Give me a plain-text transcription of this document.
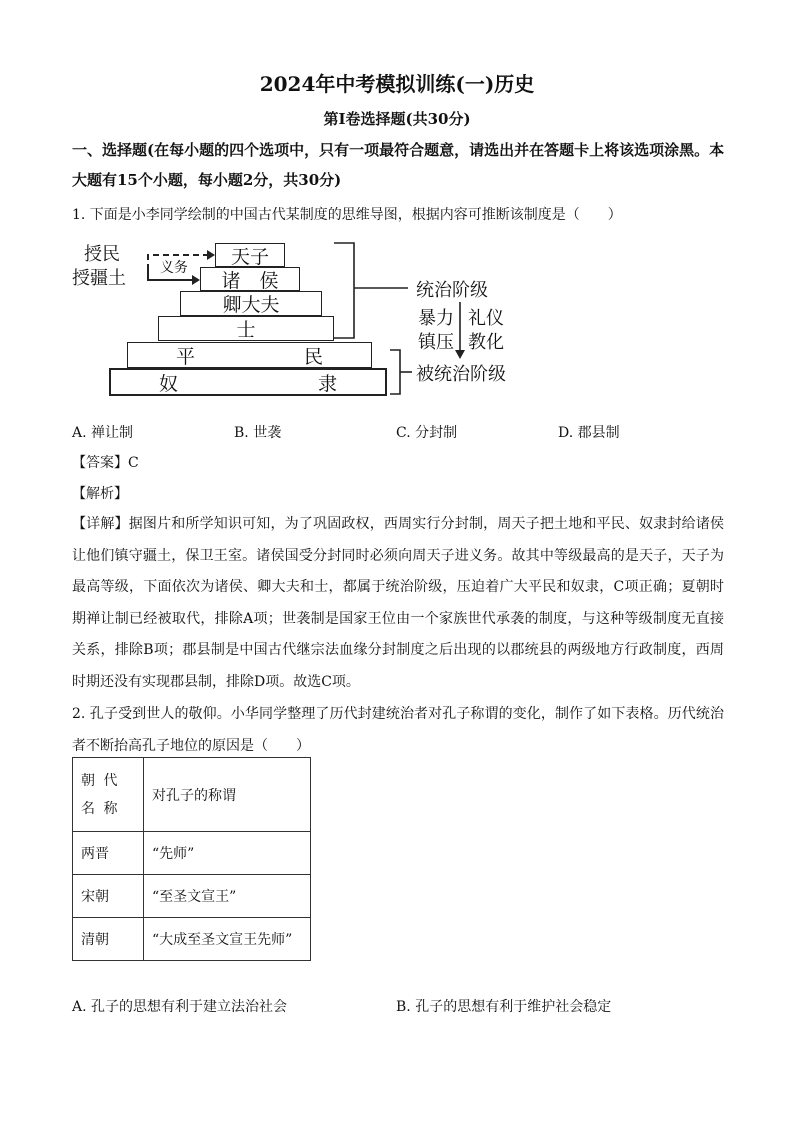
2024年中考模拟训练(一)历史
第Ⅰ卷选择题(共30分)
一、选择题(在每小题的四个选项中，只有一项最符合题意，请选出并在答题卡上将该选项涂黑。本大题有15个小题，每小题2分，共30分)
1. 下面是小李同学绘制的中国古代某制度的思维导图，根据内容可推断该制度是（　　）
授民
授疆土 义务
天子
诸　侯
卿大夫
士
平	民
奴	隶
统治阶级
暴力
镇压
礼仪
教化
被统治阶级
A. 禅让制	B. 世袭	C. 分封制	D. 郡县制
【答案】C
【解析】
【详解】据图片和所学知识可知，为了巩固政权，西周实行分封制，周天子把土地和平民、奴隶封给诸侯让他们镇守疆土，保卫王室。诸侯国受分封同时必须向周天子进义务。故其中等级最高的是天子，天子为最高等级，下面依次为诸侯、卿大夫和士，都属于统治阶级，压迫着广大平民和奴隶，C项正确；夏朝时期禅让制已经被取代，排除A项；世袭制是国家王位由一个家族世代承袭的制度，与这种等级制度无直接关系，排除B项；郡县制是中国古代继宗法血缘分封制度之后出现的以郡统县的两级地方行政制度，西周时期还没有实现郡县制，排除D项。故选C项。
2. 孔子受到世人的敬仰。小华同学整理了历代封建统治者对孔子称谓的变化，制作了如下表格。历代统治者不断抬高孔子地位的原因是（　　）
朝 代 名 称	对孔子的称谓
两晋	“先师”
宋朝	“至圣文宣王”
清朝	“大成至圣文宣王先师”
A. 孔子的思想有利于建立法治社会	B. 孔子的思想有利于维护社会稳定
